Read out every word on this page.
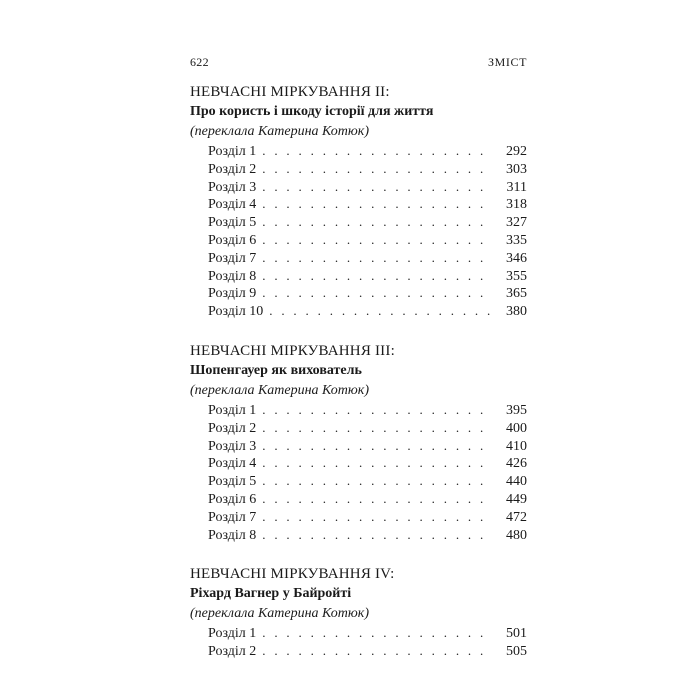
622	ЗМІСТ
НЕВЧАСНІ МІРКУВАННЯ ІІ:
Про користь і шкоду історії для життя
(переклала Катерина Котюк)
Розділ 1 . . .	292
Розділ 2 . . .	303
Розділ 3 . . .	311
Розділ 4 . . .	318
Розділ 5 . . .	327
Розділ 6 . . .	335
Розділ 7 . . .	346
Розділ 8 . . .	355
Розділ 9 . . .	365
Розділ 10 . . .	380
НЕВЧАСНІ МІРКУВАННЯ ІІІ:
Шопенгауер як вихователь
(переклала Катерина Котюк)
Розділ 1 . . .	395
Розділ 2 . . .	400
Розділ 3 . . .	410
Розділ 4 . . .	426
Розділ 5 . . .	440
Розділ 6 . . .	449
Розділ 7 . . .	472
Розділ 8 . . .	480
НЕВЧАСНІ МІРКУВАННЯ IV:
Ріхард Вагнер у Байройті
(переклала Катерина Котюк)
Розділ 1 . . .	501
Розділ 2 . . .	505
